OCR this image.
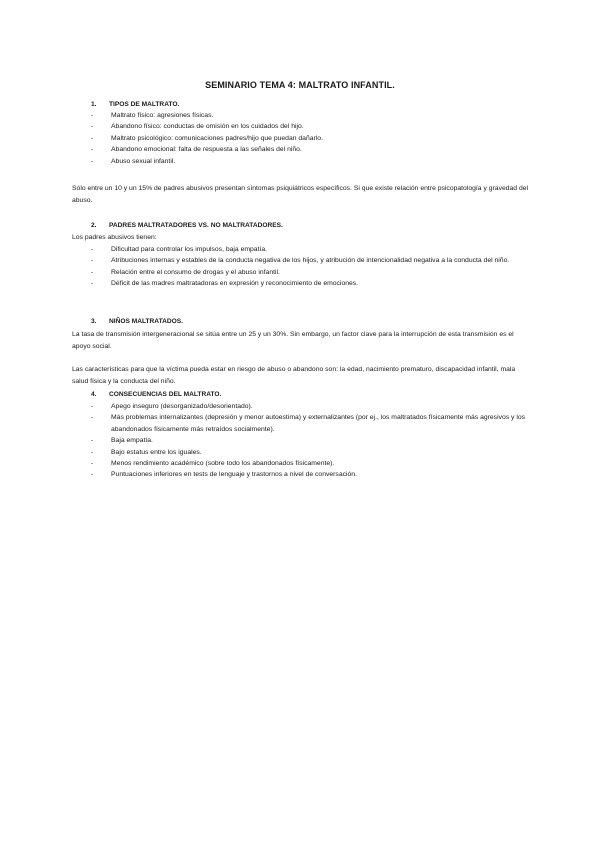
SEMINARIO TEMA 4: MALTRATO INFANTIL.
1. TIPOS DE MALTRATO.
- Maltrato físico: agresiones físicas.
- Abandono físico: conductas de omisión en los cuidados del hijo.
- Maltrato psicológico: comunicaciones padres/hijo que puedan dañarlo.
- Abandono emocional: falta de respuesta a las señales del niño.
- Abuso sexual infantil.

Sólo entre un 10 y un 15% de padres abusivos presentan síntomas psiquiátricos específicos. Si que existe relación entre psicopatología y gravedad del abuso.

2. PADRES MALTRATADORES VS. NO MALTRATADORES.
Los padres abusivos tienen:
- Dificultad para controlar los impulsos, baja empatía.
- Atribuciones internas y estables de la conducta negativa de los hijos, y atribución de intencionalidad negativa a la conducta del niño.
- Relación entre el consumo de drogas y el abuso infantil.
- Déficit de las madres maltratadoras en expresión y reconocimiento de emociones.
3. NIÑOS MALTRATADOS.

La tasa de transmisión intergeneracional se sitúa entre un 25 y un 30%. Sin embargo, un factor clave para la interrupción de esta transmisión es el apoyo social.

Las características para que la víctima pueda estar en riesgo de abuso o abandono son: la edad, nacimiento prematuro, discapacidad infantil, mala salud física y la conducta del niño.

4. CONSECUENCIAS DEL MALTRATO.
- Apego inseguro (desorganizado/desorientado).
- Más problemas internalizantes (depresión y menor autoestima) y externalizantes (por ej., los maltratados físicamente más agresivos y los abandonados físicamente más retraídos socialmente).
- Baja empatía.
- Bajo estatus entre los iguales.
- Menos rendimiento académico (sobre todo los abandonados físicamente).
- Puntuaciones inferiores en tests de lenguaje y trastornos a nivel de conversación.
